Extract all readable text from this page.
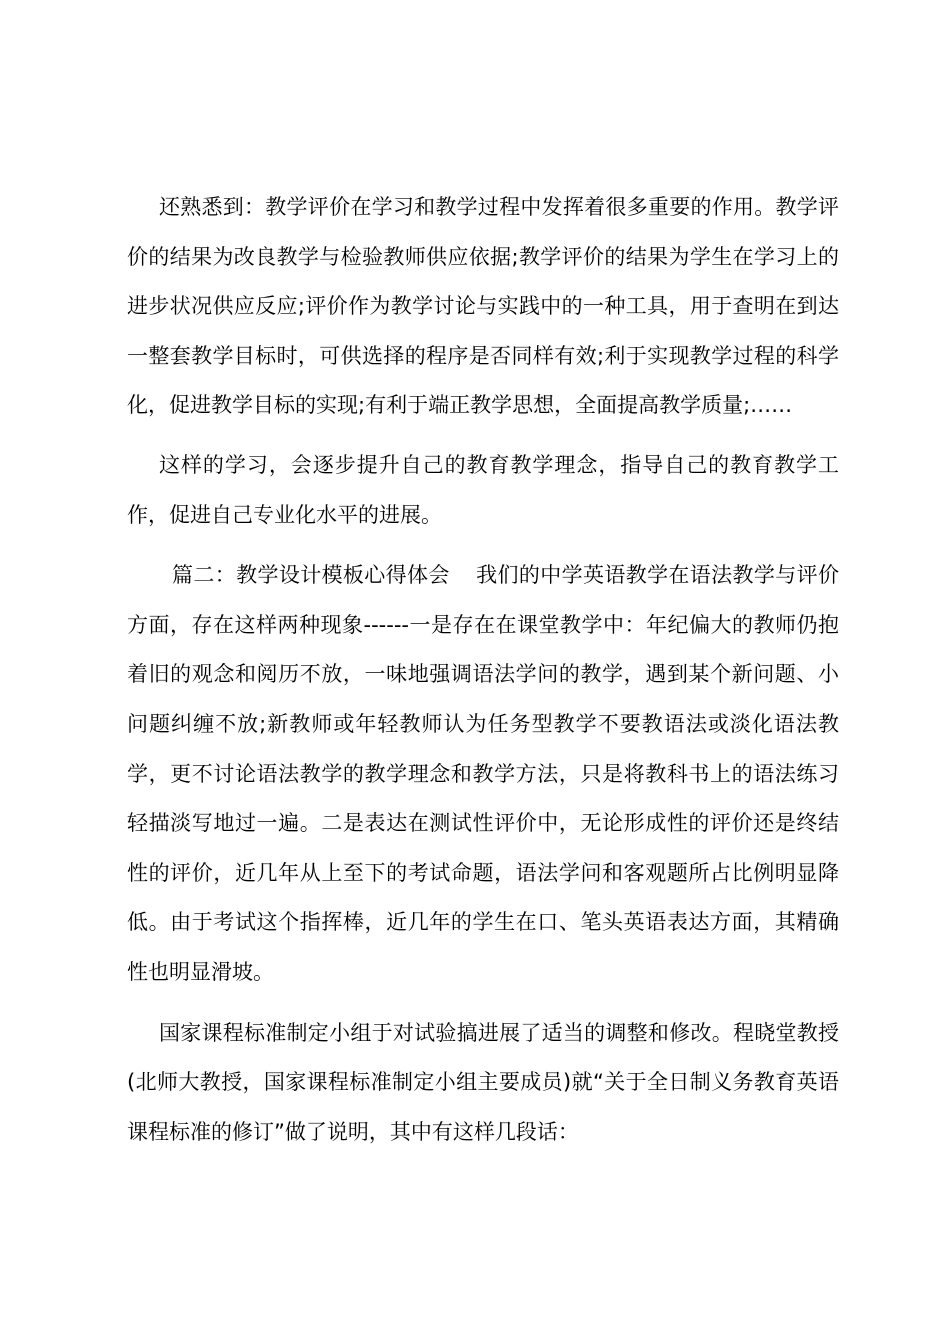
还熟悉到：教学评价在学习和教学过程中发挥着很多重要的作用。教学评价的结果为改良教学与检验教师供应依据;教学评价的结果为学生在学习上的进步状况供应反应;评价作为教学讨论与实践中的一种工具，用于查明在到达一整套教学目标时，可供选择的程序是否同样有效;利于实现教学过程的科学化，促进教学目标的实现;有利于端正教学思想，全面提高教学质量;……

这样的学习，会逐步提升自己的教育教学理念，指导自己的教育教学工作，促进自己专业化水平的进展。

篇二：教学设计模板心得体会 我们的中学英语教学在语法教学与评价方面，存在这样两种现象------一是存在在课堂教学中：年纪偏大的教师仍抱着旧的观念和阅历不放，一味地强调语法学问的教学，遇到某个新问题、小问题纠缠不放;新教师或年轻教师认为任务型教学不要教语法或淡化语法教学，更不讨论语法教学的教学理念和教学方法，只是将教科书上的语法练习轻描淡写地过一遍。二是表达在测试性评价中，无论形成性的评价还是终结性的评价，近几年从上至下的考试命题，语法学问和客观题所占比例明显降低。由于考试这个指挥棒，近几年的学生在口、笔头英语表达方面，其精确性也明显滑坡。

国家课程标准制定小组于对试验搞进展了适当的调整和修改。程晓堂教授(北师大教授，国家课程标准制定小组主要成员)就“关于全日制义务教育英语课程标准的修订”做了说明，其中有这样几段话：
